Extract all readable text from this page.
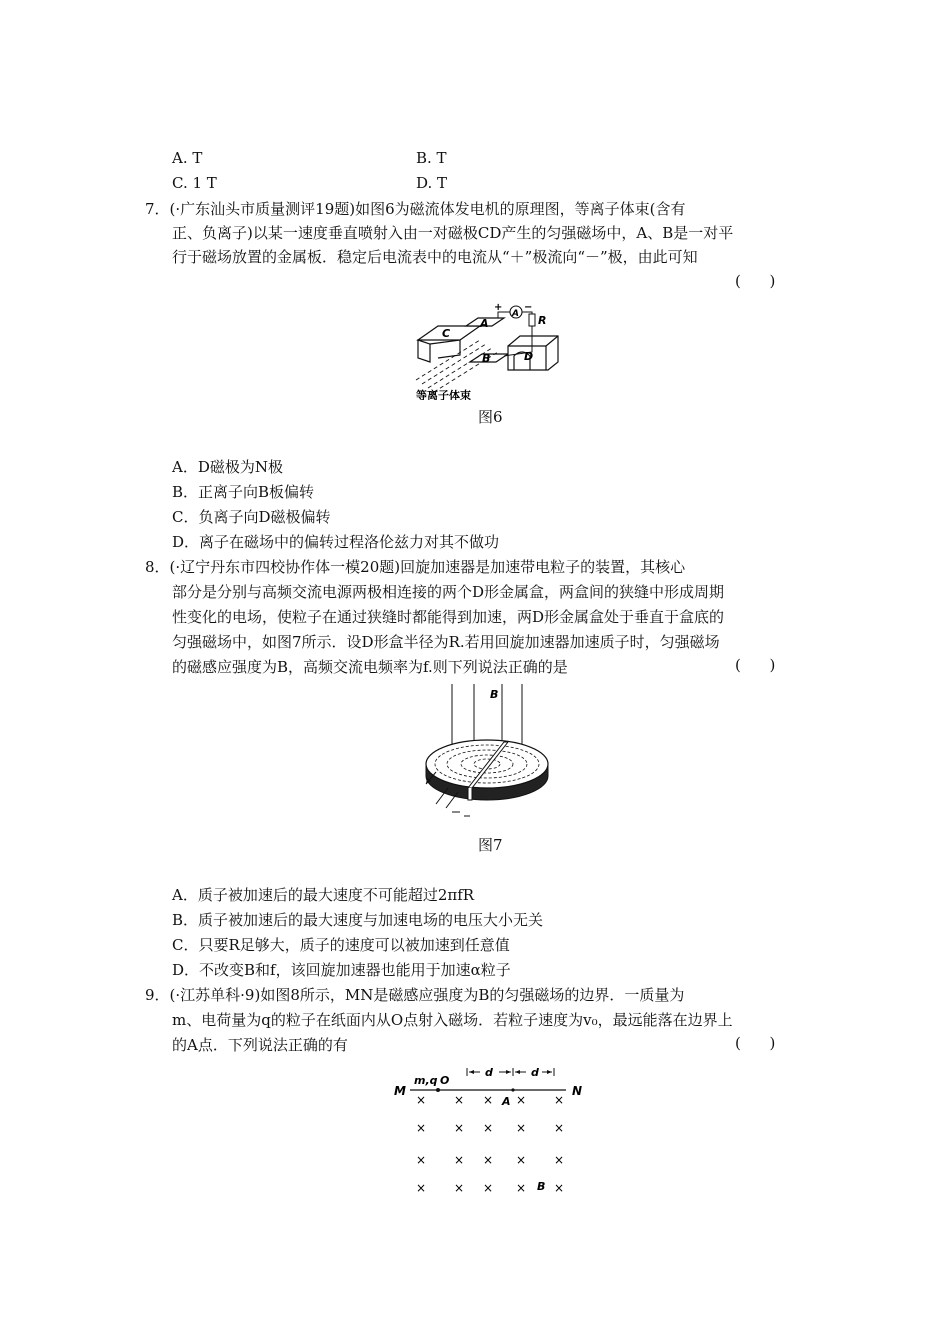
A. T	B. T
C. 1 T	D. T
7．(·广东汕头市质量测评19题)如图6为磁流体发电机的原理图，等离子体束(含有
正、负离子)以某一速度垂直喷射入由一对磁极CD产生的匀强磁场中，A、B是一对平
行于磁场放置的金属板．稳定后电流表中的电流从“＋”极流向“－”极，由此可知
(      )
C
A
B	D
R
A
+ −
等离子体束
图6
A．D磁极为N极
B．正离子向B板偏转
C．负离子向D磁极偏转
D．离子在磁场中的偏转过程洛伦兹力对其不做功
8．(·辽宁丹东市四校协作体一模20题)回旋加速器是加速带电粒子的装置，其核心
部分是分别与高频交流电源两极相连接的两个D形金属盒，两盒间的狭缝中形成周期
性变化的电场，使粒子在通过狭缝时都能得到加速，两D形金属盒处于垂直于盒底的
匀强磁场中，如图7所示．设D形盒半径为R.若用回旋加速器加速质子时，匀强磁场
的磁感应强度为B，高频交流电频率为f.则下列说法正确的是	(      )
B
图7
A．质子被加速后的最大速度不可能超过2πfR
B．质子被加速后的最大速度与加速电场的电压大小无关
C．只要R足够大，质子的速度可以被加速到任意值
D．不改变B和f，该回旋加速器也能用于加速α粒子
9．(·江苏单科·9)如图8所示，MN是磁感应强度为B的匀强磁场的边界．一质量为
m、电荷量为q的粒子在纸面内从O点射入磁场．若粒子速度为v₀，最远能落在边界上
的A点．下列说法正确的有	(      )
M	N
m,q O
d	d
A
B
× × × × ×
× × × × ×
× × × × ×
× × × × ×
